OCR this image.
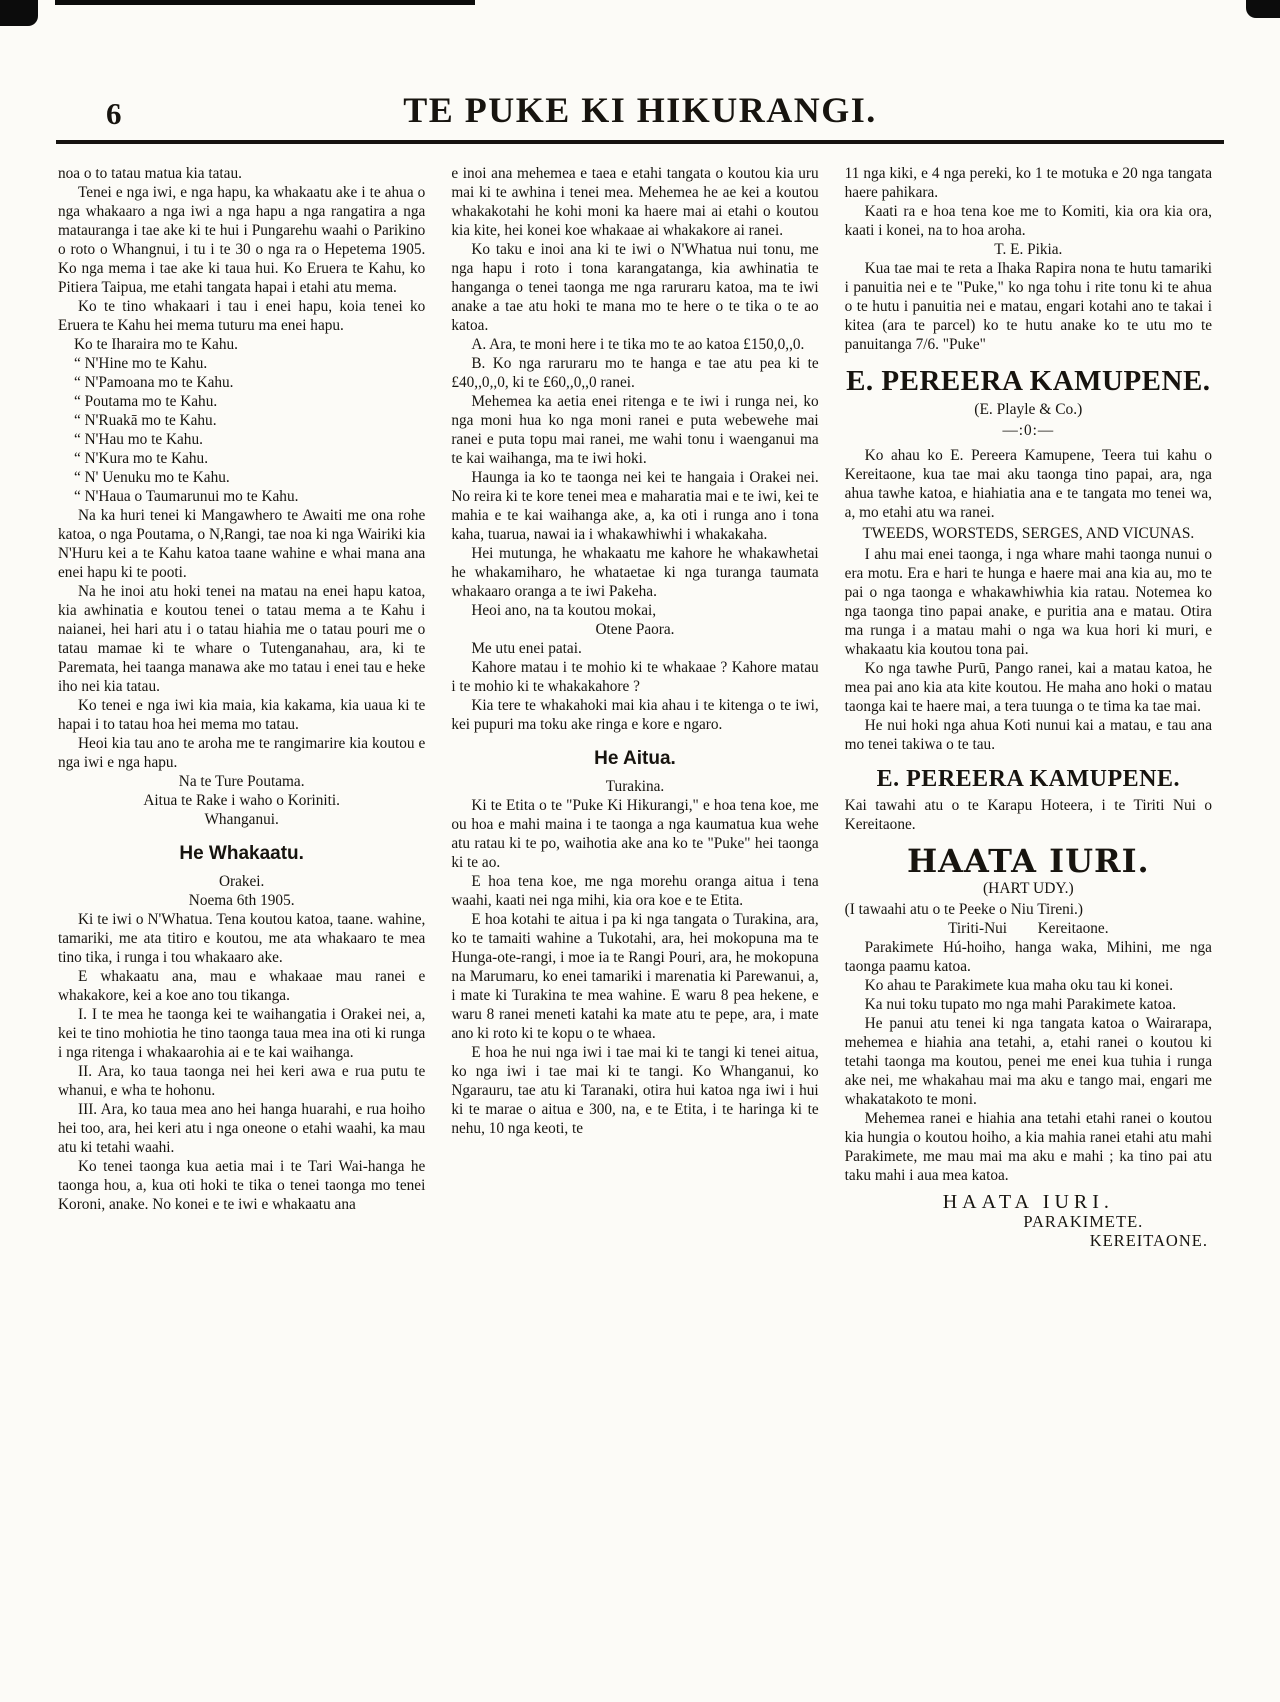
6	TE PUKE KI HIKURANGI.
noa o to tatau matua kia tatau.
Tenei e nga iwi, e nga hapu, ka whakaatu ake i te ahua o nga whakaaro a nga iwi a nga hapu a nga rangatira a nga matauranga i tae ake ki te hui i Pungarehu waahi o Parikino o roto o Whangnui, i tu i te 30 o nga ra o Hepetema 1905. Ko nga mema i tae ake ki taua hui. Ko Eruera te Kahu, ko Pitiera Taipua, me etahi tangata hapai i etahi atu mema.
Ko te tino whakaari i tau i enei hapu, koia tenei ko Eruera te Kahu hei mema tuturu ma enei hapu.
Ko te Iharaira mo te Kahu.
“ N'Hine mo te Kahu.
“ N'Pamoana mo te Kahu.
“ Poutama mo te Kahu.
“ N'Ruakā mo te Kahu.
“ N'Hau mo te Kahu.
“ N'Kura mo te Kahu.
“ N' Uenuku mo te Kahu.
“ N'Haua o Taumarunui mo te Kahu.
Na ka huri tenei ki Mangawhero te Awaiti me ona rohe katoa, o nga Poutama, o N,Rangi, tae noa ki nga Wairiki kia N'Huru kei a te Kahu katoa taane wahine e whai mana ana enei hapu ki te pooti.
Na he inoi atu hoki tenei na matau na enei hapu katoa, kia awhinatia e koutou tenei o tatau mema a te Kahu i naianei, hei hari atu i o tatau hiahia me o tatau pouri me o tatau mamae ki te whare o Tutenganahau, ara, ki te Paremata, hei taanga manawa ake mo tatau i enei tau e heke iho nei kia tatau.
Ko tenei e nga iwi kia maia, kia kakama, kia uaua ki te hapai i to tatau hoa hei mema mo tatau.
Heoi kia tau ano te aroha me te rangimarire kia koutou e nga iwi e nga hapu.
Na te Ture Poutama.
Aitua te Rake i waho o Koriniti.
Whanganui.
He Whakaatu.
Orakei.
Noema 6th 1905.
Ki te iwi o N'Whatua. Tena koutou katoa, taane. wahine, tamariki, me ata titiro e koutou, me ata whakaaro te mea tino tika, i runga i tou whakaaro ake.
E whakaatu ana, mau e whakaae mau ranei e whakakore, kei a koe ano tou tikanga.
I. I te mea he taonga kei te waihangatia i Orakei nei, a, kei te tino mohiotia he tino taonga taua mea ina oti ki runga i nga ritenga i whakaarohia ai e te kai waihanga.
II. Ara, ko taua taonga nei hei keri awa e rua putu te whanui, e wha te hohonu.
III. Ara, ko taua mea ano hei hanga huarahi, e rua hoiho hei too, ara, hei keri atu i nga oneone o etahi waahi, ka mau atu ki tetahi waahi.
Ko tenei taonga kua aetia mai i te Tari Wai-hanga he taonga hou, a, kua oti hoki te tika o tenei taonga mo tenei Koroni, anake. No konei e te iwi e whakaatu ana
e inoi ana mehemea e taea e etahi tangata o koutou kia uru mai ki te awhina i tenei mea. Mehemea he ae kei a koutou whakakotahi he kohi moni ka haere mai ai etahi o koutou kia kite, hei konei koe whakaae ai whakakore ai ranei.
Ko taku e inoi ana ki te iwi o N'Whatua nui tonu, me nga hapu i roto i tona karangatanga, kia awhinatia te hanganga o tenei taonga me nga raruraru katoa, ma te iwi anake a tae atu hoki te mana mo te here o te tika o te ao katoa.
A. Ara, te moni here i te tika mo te ao katoa £150,0,,0.
B. Ko nga raruraru mo te hanga e tae atu pea ki te £40,,0,,0, ki te £60,,0,,0 ranei.
Mehemea ka aetia enei ritenga e te iwi i runga nei, ko nga moni hua ko nga moni ranei e puta webewehe mai ranei e puta topu mai ranei, me wahi tonu i waenganui ma te kai waihanga, ma te iwi hoki.
Haunga ia ko te taonga nei kei te hangaia i Orakei nei. No reira ki te kore tenei mea e maharatia mai e te iwi, kei te mahia e te kai waihanga ake, a, ka oti i runga ano i tona kaha, tuarua, nawai ia i whakawhiwhi i whakakaha.
Hei mutunga, he whakaatu me kahore he whakawhetai he whakamiharo, he whataetae ki nga turanga taumata whakaaro oranga a te iwi Pakeha.
Heoi ano, na ta koutou mokai,
Otene Paora.
Me utu enei patai.
Kahore matau i te mohio ki te whakaae ? Kahore matau i te mohio ki te whakakahore ?
Kia tere te whakahoki mai kia ahau i te kitenga o te iwi, kei pupuri ma toku ake ringa e kore e ngaro.
He Aitua.
Turakina.
Ki te Etita o te "Puke Ki Hikurangi," e hoa tena koe, me ou hoa e mahi maina i te taonga a nga kaumatua kua wehe atu ratau ki te po, waihotia ake ana ko te "Puke" hei taonga ki te ao.
E hoa tena koe, me nga morehu oranga aitua i tena waahi, kaati nei nga mihi, kia ora koe e te Etita.
E hoa kotahi te aitua i pa ki nga tangata o Turakina, ara, ko te tamaiti wahine a Tukotahi, ara, hei mokopuna ma te Hunga-ote-rangi, i moe ia te Rangi Pouri, ara, he mokopuna na Marumaru, ko enei tamariki i marenatia ki Parewanui, a, i mate ki Turakina te mea wahine. E waru 8 pea hekene, e waru 8 ranei meneti katahi ka mate atu te pepe, ara, i mate ano ki roto ki te kopu o te whaea.
E hoa he nui nga iwi i tae mai ki te tangi ki tenei aitua, ko nga iwi i tae mai ki te tangi. Ko Whanganui, ko Ngarauru, tae atu ki Taranaki, otira hui katoa nga iwi i hui ki te marae o aitua e 300, na, e te Etita, i te haringa ki te nehu, 10 nga keoti, te
11 nga kiki, e 4 nga pereki, ko 1 te motuka e 20 nga tangata haere pahikara.
Kaati ra e hoa tena koe me to Komiti, kia ora kia ora, kaati i konei, na to hoa aroha.
T. E. Pikia.
Kua tae mai te reta a Ihaka Rapira nona te hutu tamariki i panuitia nei e te "Puke," ko nga tohu i rite tonu ki te ahua o te hutu i panuitia nei e matau, engari kotahi ano te takai i kitea (ara te parcel) ko te hutu anake ko te utu mo te panuitanga 7/6. "Puke"
E. PEREERA KAMUPENE.
(E. Playle & Co.)
—:0:—
Ko ahau ko E. Pereera Kamupene, Teera tui kahu o Kereitaone, kua tae mai aku taonga tino papai, ara, nga ahua tawhe katoa, e hiahiatia ana e te tangata mo tenei wa, a, mo etahi atu wa ranei.
TWEEDS, WORSTEDS, SERGES, AND VICUNAS.
I ahu mai enei taonga, i nga whare mahi taonga nunui o era motu. Era e hari te hunga e haere mai ana kia au, mo te pai o nga taonga e whakawhiwhia kia ratau. Notemea ko nga taonga tino papai anake, e puritia ana e matau. Otira ma runga i a matau mahi o nga wa kua hori ki muri, e whakaatu kia koutou tona pai.
Ko nga tawhe Purū, Pango ranei, kai a matau katoa, he mea pai ano kia ata kite koutou. He maha ano hoki o matau taonga kai te haere mai, a tera tuunga o te tima ka tae mai.
He nui hoki nga ahua Koti nunui kai a matau, e tau ana mo tenei takiwa o te tau.
E. PEREERA KAMUPENE.
Kai tawahi atu o te Karapu Hoteera, i te Tiriti Nui o Kereitaone.
HAATA IURI.
(HART UDY.)
(I tawaahi atu o te Peeke o Niu Tireni.)
Tiriti-Nui        Kereitaone.
Parakimete Hú-hoiho, hanga waka, Mihini, me nga taonga paamu katoa.
Ko ahau te Parakimete kua maha oku tau ki konei.
Ka nui toku tupato mo nga mahi Parakimete katoa.
He panui atu tenei ki nga tangata katoa o Wairarapa, mehemea e hiahia ana tetahi, a, etahi ranei o koutou ki tetahi taonga ma koutou, penei me enei kua tuhia i runga ake nei, me whakahau mai ma aku e tango mai, engari me whakatakoto te moni.
Mehemea ranei e hiahia ana tetahi etahi ranei o koutou kia hungia o koutou hoiho, a kia mahia ranei etahi atu mahi Parakimete, me mau mai ma aku e mahi ; ka tino pai atu taku mahi i aua mea katoa.
HAATA IURI.
PARAKIMETE.
KEREITAONE.
